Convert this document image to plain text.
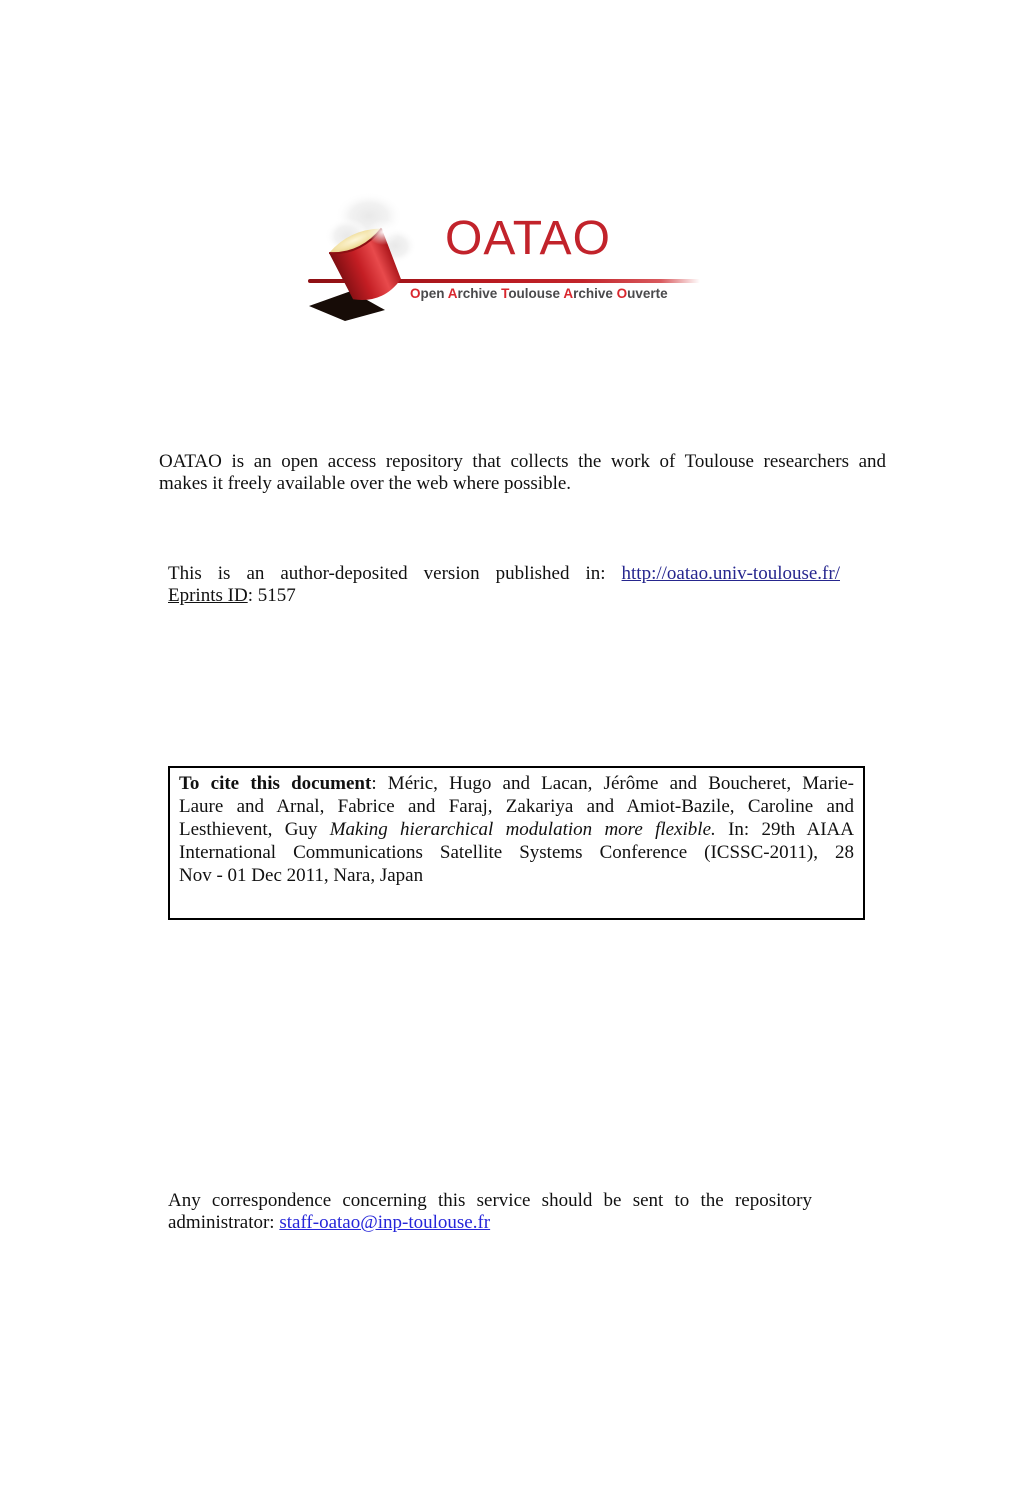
OATAO
Open Archive Toulouse Archive Ouverte
OATAO is an open access repository that collects the work of Toulouse researchers and
makes it freely available over the web where possible.
This is an author-deposited version published in: http://oatao.univ-toulouse.fr/
Eprints ID: 5157
To cite this document: Méric, Hugo and Lacan, Jérôme and Boucheret, Marie-
Laure and Arnal, Fabrice and Faraj, Zakariya and Amiot-Bazile, Caroline and
Lesthievent, Guy Making hierarchical modulation more flexible. In: 29th AIAA
International Communications Satellite Systems Conference (ICSSC-2011), 28
Nov - 01 Dec 2011, Nara, Japan
Any correspondence concerning this service should be sent to the repository
administrator: staff-oatao@inp-toulouse.fr
